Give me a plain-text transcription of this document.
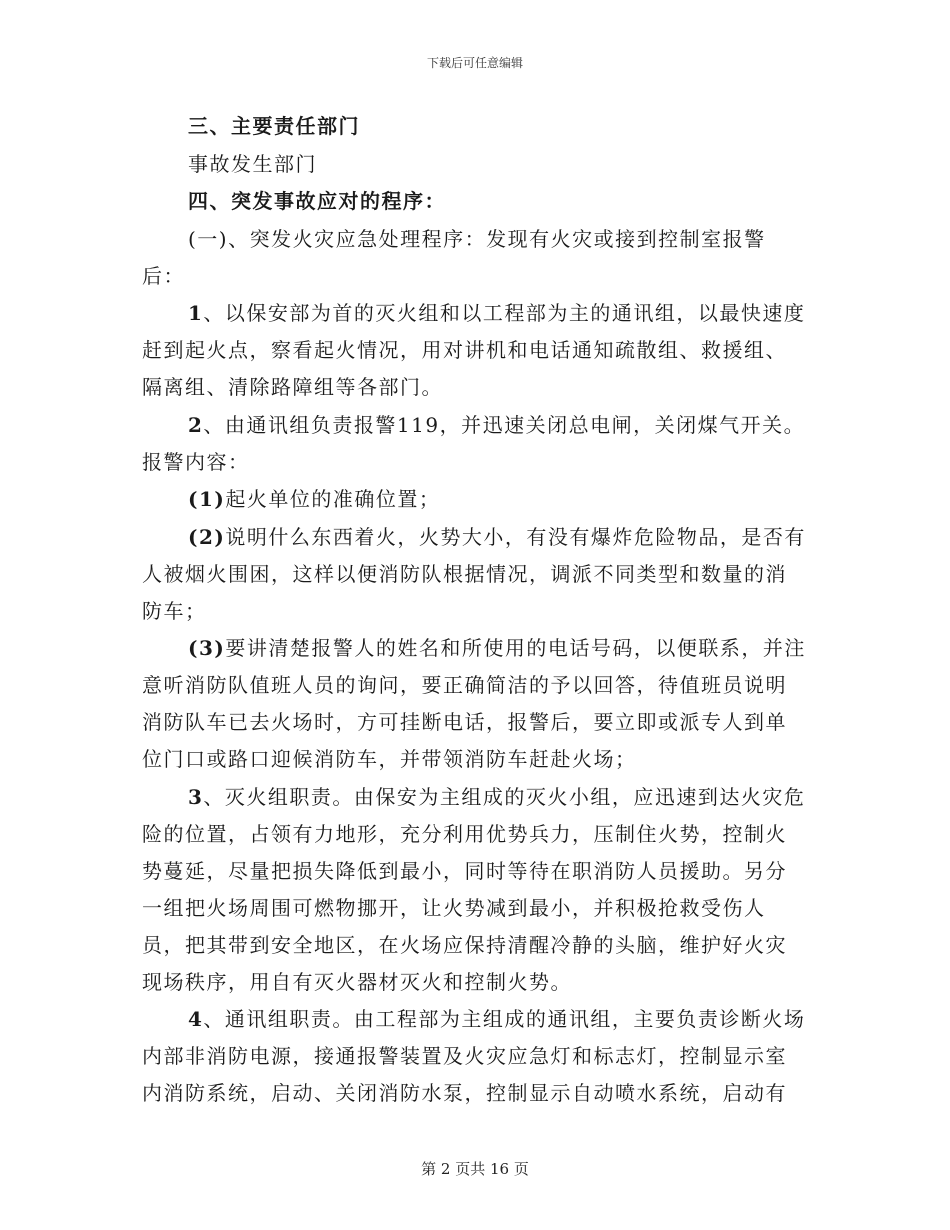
下载后可任意编辑

三、主要责任部门

事故发生部门

四、突发事故应对的程序：

(一)、突发火灾应急处理程序：发现有火灾或接到控制室报警后：

1、以保安部为首的灭火组和以工程部为主的通讯组，以最快速度赶到起火点，察看起火情况，用对讲机和电话通知疏散组、救援组、隔离组、清除路障组等各部门。

2、由通讯组负责报警119，并迅速关闭总电闸，关闭煤气开关。报警内容：

(1)起火单位的准确位置；

(2)说明什么东西着火，火势大小，有没有爆炸危险物品，是否有人被烟火围困，这样以便消防队根据情况，调派不同类型和数量的消防车；

(3)要讲清楚报警人的姓名和所使用的电话号码，以便联系，并注意听消防队值班人员的询问，要正确简洁的予以回答，待值班员说明消防队车已去火场时，方可挂断电话，报警后，要立即或派专人到单位门口或路口迎候消防车，并带领消防车赶赴火场；

3、灭火组职责。由保安为主组成的灭火小组，应迅速到达火灾危险的位置，占领有力地形，充分利用优势兵力，压制住火势，控制火势蔓延，尽量把损失降低到最小，同时等待在职消防人员援助。另分一组把火场周围可燃物挪开，让火势减到最小，并积极抢救受伤人员，把其带到安全地区，在火场应保持清醒冷静的头脑，维护好火灾现场秩序，用自有灭火器材灭火和控制火势。

4、通讯组职责。由工程部为主组成的通讯组，主要负责诊断火场内部非消防电源，接通报警装置及火灾应急灯和标志灯，控制显示室内消防系统，启动、关闭消防水泵，控制显示自动喷水系统，启动有

第 2 页共 16 页
